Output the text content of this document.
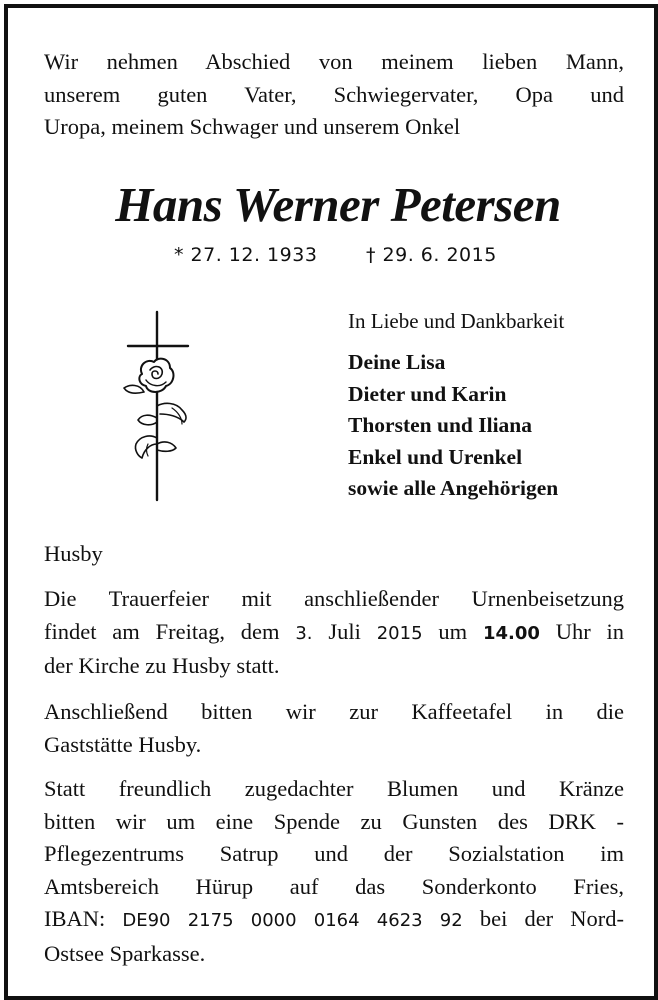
Wir nehmen Abschied von meinem lieben Mann,
unserem guten Vater, Schwiegervater, Opa und
Uropa, meinem Schwager und unserem Onkel
Hans Werner Petersen
* 27. 12. 1933	† 29. 6. 2015
In Liebe und Dankbarkeit
Deine Lisa
Dieter und Karin
Thorsten und Iliana
Enkel und Urenkel
sowie alle Angehörigen
Husby
Die Trauerfeier mit anschließender Urnenbeisetzung
findet am Freitag, dem 3. Juli 2015 um 14.00 Uhr in
der Kirche zu Husby statt.
Anschließend bitten wir zur Kaffeetafel in die
Gaststätte Husby.
Statt freundlich zugedachter Blumen und Kränze
bitten wir um eine Spende zu Gunsten des DRK -
Pflegezentrums Satrup und der Sozialstation im
Amtsbereich Hürup auf das Sonderkonto Fries,
IBAN: DE90 2175 0000 0164 4623 92 bei der Nord-
Ostsee Sparkasse.
